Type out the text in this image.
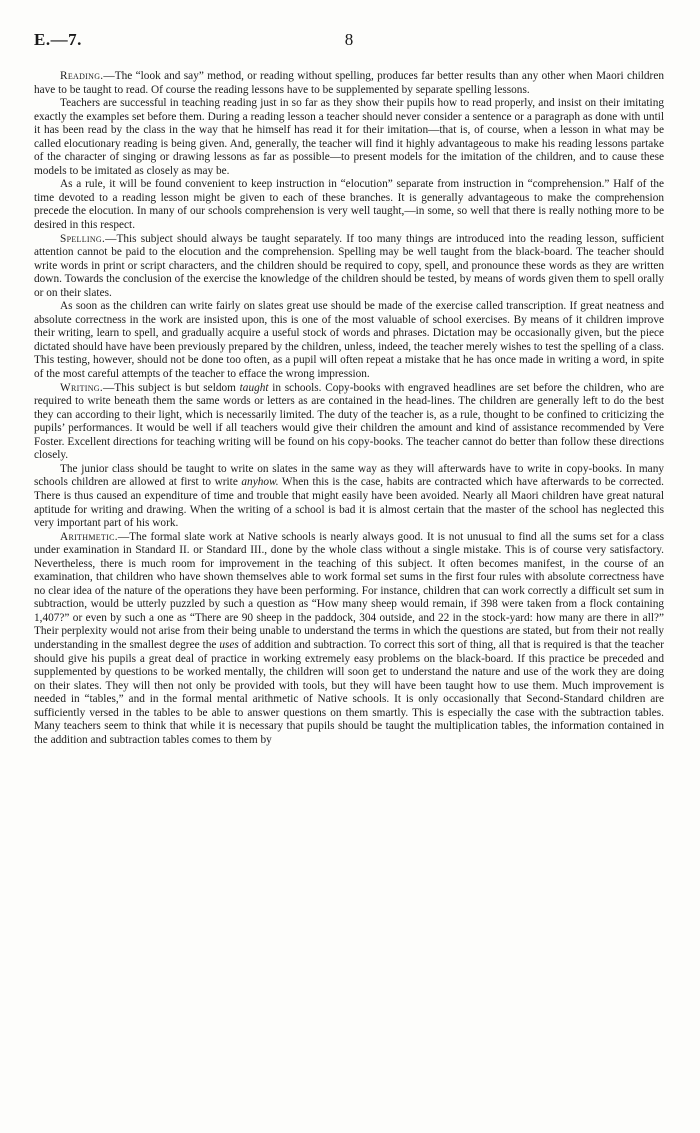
E.—7.	8

Reading.—The “look and say” method, or reading without spelling, produces far better results than any other when Maori children have to be taught to read. Of course the reading lessons have to be supplemented by separate spelling lessons.

Teachers are successful in teaching reading just in so far as they show their pupils how to read properly, and insist on their imitating exactly the examples set before them. During a reading lesson a teacher should never consider a sentence or a paragraph as done with until it has been read by the class in the way that he himself has read it for their imitation—that is, of course, when a lesson in what may be called elocutionary reading is being given. And, generally, the teacher will find it highly advantageous to make his reading lessons partake of the character of singing or drawing lessons as far as possible—to present models for the imitation of the children, and to cause these models to be imitated as closely as may be.

As a rule, it will be found convenient to keep instruction in “elocution” separate from instruction in “comprehension.” Half of the time devoted to a reading lesson might be given to each of these branches. It is generally advantageous to make the comprehension precede the elocution. In many of our schools comprehension is very well taught,—in some, so well that there is really nothing more to be desired in this respect.

Spelling.—This subject should always be taught separately. If too many things are introduced into the reading lesson, sufficient attention cannot be paid to the elocution and the comprehension. Spelling may be well taught from the black-board. The teacher should write words in print or script characters, and the children should be required to copy, spell, and pronounce these words as they are written down. Towards the conclusion of the exercise the knowledge of the children should be tested, by means of words given them to spell orally or on their slates.

As soon as the children can write fairly on slates great use should be made of the exercise called transcription. If great neatness and absolute correctness in the work are insisted upon, this is one of the most valuable of school exercises. By means of it children improve their writing, learn to spell, and gradually acquire a useful stock of words and phrases. Dictation may be occasionally given, but the piece dictated should have have been previously prepared by the children, unless, indeed, the teacher merely wishes to test the spelling of a class. This testing, however, should not be done too often, as a pupil will often repeat a mistake that he has once made in writing a word, in spite of the most careful attempts of the teacher to efface the wrong impression.

Writing.—This subject is but seldom taught in schools. Copy-books with engraved headlines are set before the children, who are required to write beneath them the same words or letters as are contained in the head-lines. The children are generally left to do the best they can according to their light, which is necessarily limited. The duty of the teacher is, as a rule, thought to be confined to criticizing the pupils’ performances. It would be well if all teachers would give their children the amount and kind of assistance recommended by Vere Foster. Excellent directions for teaching writing will be found on his copy-books. The teacher cannot do better than follow these directions closely.

The junior class should be taught to write on slates in the same way as they will afterwards have to write in copy-books. In many schools children are allowed at first to write anyhow. When this is the case, habits are contracted which have afterwards to be corrected. There is thus caused an expenditure of time and trouble that might easily have been avoided. Nearly all Maori children have great natural aptitude for writing and drawing. When the writing of a school is bad it is almost certain that the master of the school has neglected this very important part of his work.

Arithmetic.—The formal slate work at Native schools is nearly always good. It is not unusual to find all the sums set for a class under examination in Standard II. or Standard III., done by the whole class without a single mistake. This is of course very satisfactory. Nevertheless, there is much room for improvement in the teaching of this subject. It often becomes manifest, in the course of an examination, that children who have shown themselves able to work formal set sums in the first four rules with absolute correctness have no clear idea of the nature of the operations they have been performing. For instance, children that can work correctly a difficult set sum in subtraction, would be utterly puzzled by such a question as “How many sheep would remain, if 398 were taken from a flock containing 1,407?” or even by such a one as “There are 90 sheep in the paddock, 304 outside, and 22 in the stock-yard: how many are there in all?” Their perplexity would not arise from their being unable to understand the terms in which the questions are stated, but from their not really understanding in the smallest degree the uses of addition and subtraction. To correct this sort of thing, all that is required is that the teacher should give his pupils a great deal of practice in working extremely easy problems on the black-board. If this practice be preceded and supplemented by questions to be worked mentally, the children will soon get to understand the nature and use of the work they are doing on their slates. They will then not only be provided with tools, but they will have been taught how to use them. Much improvement is needed in “tables,” and in the formal mental arithmetic of Native schools. It is only occasionally that Second-Standard children are sufficiently versed in the tables to be able to answer questions on them smartly. This is especially the case with the subtraction tables. Many teachers seem to think that while it is necessary that pupils should be taught the multiplication tables, the information contained in the addition and subtraction tables comes to them by
